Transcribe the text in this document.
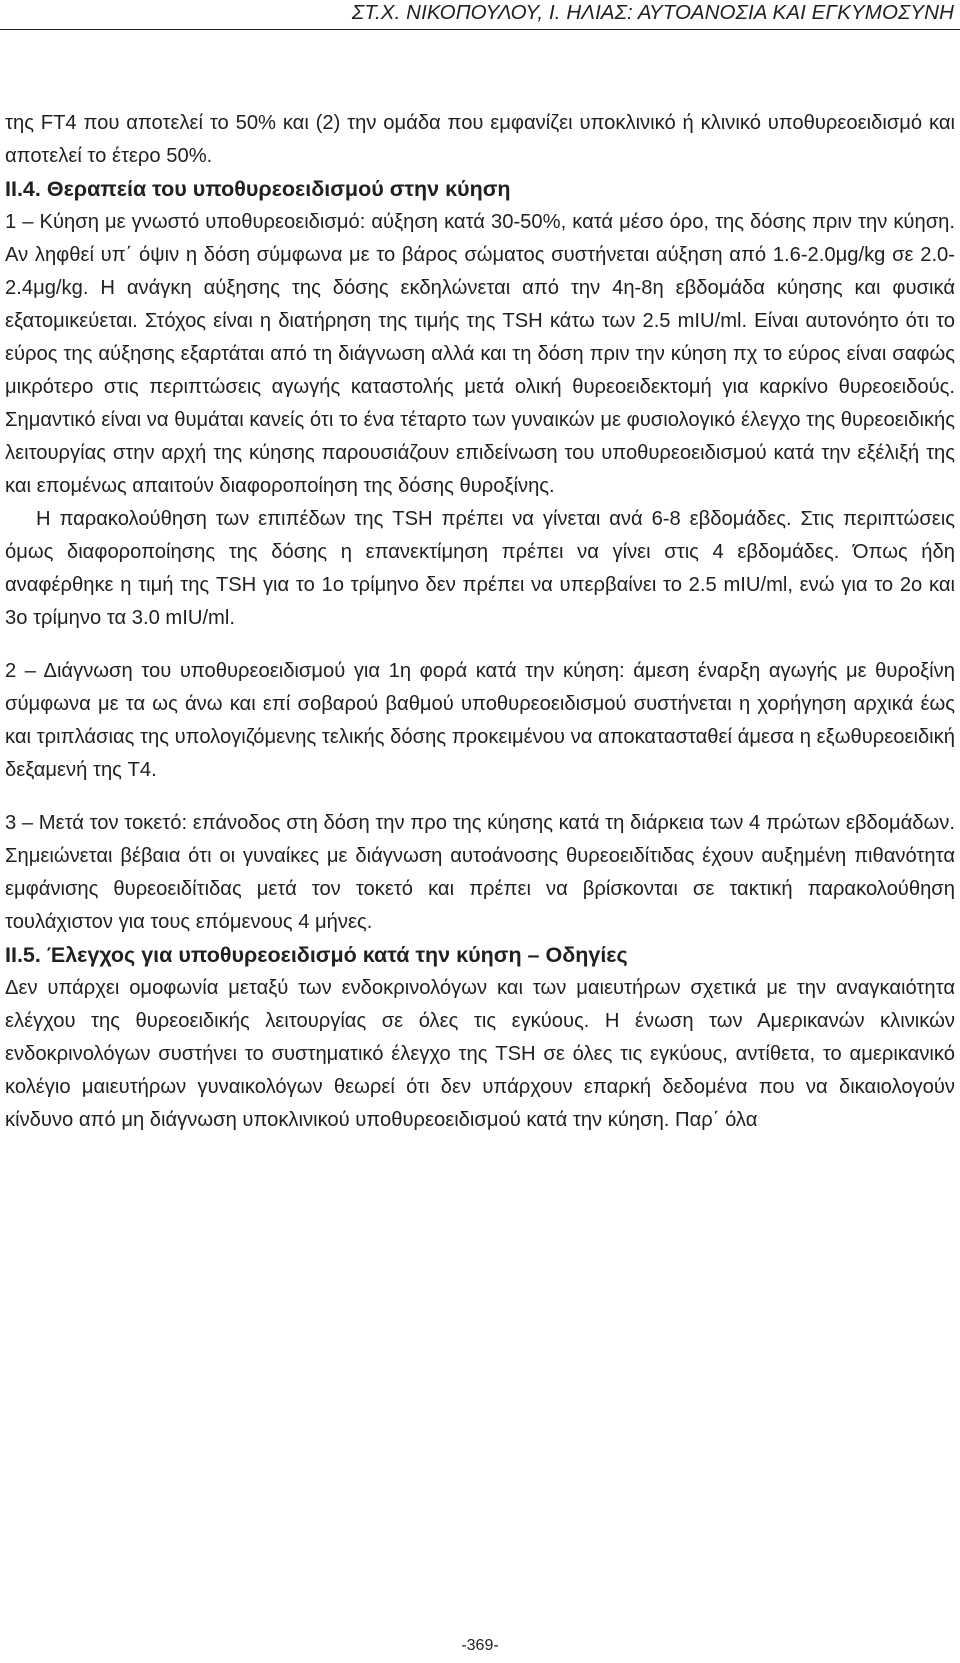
ΣΤ.Χ. ΝΙΚΟΠΟΥΛΟΥ, Ι. ΗΛΙΑΣ: ΑΥΤΟΑΝΟΣΙΑ ΚΑΙ ΕΓΚΥΜΟΣΥΝΗ

της FT4 που αποτελεί το 50% και (2) την ομάδα που εμφανίζει υποκλινικό ή κλινικό υποθυρεοειδισμό και αποτελεί το έτερο 50%.

ΙΙ.4. Θεραπεία του υποθυρεοειδισμού στην κύηση

1 – Κύηση με γνωστό υποθυρεοειδισμό: αύξηση κατά 30-50%, κατά μέσο όρο, της δόσης πριν την κύηση. Αν ληφθεί υπ΄ όψιν η δόση σύμφωνα με το βάρος σώματος συστήνεται αύξηση από 1.6-2.0μg/kg σε 2.0-2.4μg/kg. Η ανάγκη αύξησης της δόσης εκδηλώνεται από την 4η-8η εβδομάδα κύησης και φυσικά εξατομικεύεται. Στόχος είναι η διατήρηση της τιμής της TSH κάτω των 2.5 mIU/ml. Είναι αυτονόητο ότι το εύρος της αύξησης εξαρτάται από τη διάγνωση αλλά και τη δόση πριν την κύηση πχ το εύρος είναι σαφώς μικρότερο στις περιπτώσεις αγωγής καταστολής μετά ολική θυρεοειδεκτομή για καρκίνο θυρεοειδούς. Σημαντικό είναι να θυμάται κανείς ότι το ένα τέταρτο των γυναικών με φυσιολογικό έλεγχο της θυρεοειδικής λειτουργίας στην αρχή της κύησης παρουσιάζουν επιδείνωση του υποθυρεοειδισμού κατά την εξέλιξή της και επομένως απαιτούν διαφοροποίηση της δόσης θυροξίνης.

Η παρακολούθηση των επιπέδων της TSH πρέπει να γίνεται ανά 6-8 εβδομάδες. Στις περιπτώσεις όμως διαφοροποίησης της δόσης η επανεκτίμηση πρέπει να γίνει στις 4 εβδομάδες. Όπως ήδη αναφέρθηκε η τιμή της TSH για το 1ο τρίμηνο δεν πρέπει να υπερβαίνει το 2.5 mIU/ml, ενώ για το 2ο και 3ο τρίμηνο τα 3.0 mIU/ml.

2 – Διάγνωση του υποθυρεοειδισμού για 1η φορά κατά την κύηση: άμεση έναρξη αγωγής με θυροξίνη σύμφωνα με τα ως άνω και επί σοβαρού βαθμού υποθυρεοειδισμού συστήνεται η χορήγηση αρχικά έως και τριπλάσιας της υπολογιζόμενης τελικής δόσης προκειμένου να αποκατασταθεί άμεσα η εξωθυρεοειδική δεξαμενή της T4.

3 – Μετά τον τοκετό: επάνοδος στη δόση την προ της κύησης κατά τη διάρκεια των 4 πρώτων εβδομάδων. Σημειώνεται βέβαια ότι οι γυναίκες με διάγνωση αυτοάνοσης θυρεοειδίτιδας έχουν αυξημένη πιθανότητα εμφάνισης θυρεοειδίτιδας μετά τον τοκετό και πρέπει να βρίσκονται σε τακτική παρακολούθηση τουλάχιστον για τους επόμενους 4 μήνες.

ΙΙ.5. Έλεγχος για υποθυρεοειδισμό κατά την κύηση – Οδηγίες

Δεν υπάρχει ομοφωνία μεταξύ των ενδοκρινολόγων και των μαιευτήρων σχετικά με την αναγκαιότητα ελέγχου της θυρεοειδικής λειτουργίας σε όλες τις εγκύους. Η ένωση των Αμερικανών κλινικών ενδοκρινολόγων συστήνει το συστηματικό έλεγχο της TSH σε όλες τις εγκύους, αντίθετα, το αμερικανικό κολέγιο μαιευτήρων γυναικολόγων θεωρεί ότι δεν υπάρχουν επαρκή δεδομένα που να δικαιολογούν κίνδυνο από μη διάγνωση υποκλινικού υποθυρεοειδισμού κατά την κύηση. Παρ΄ όλα

-369-
